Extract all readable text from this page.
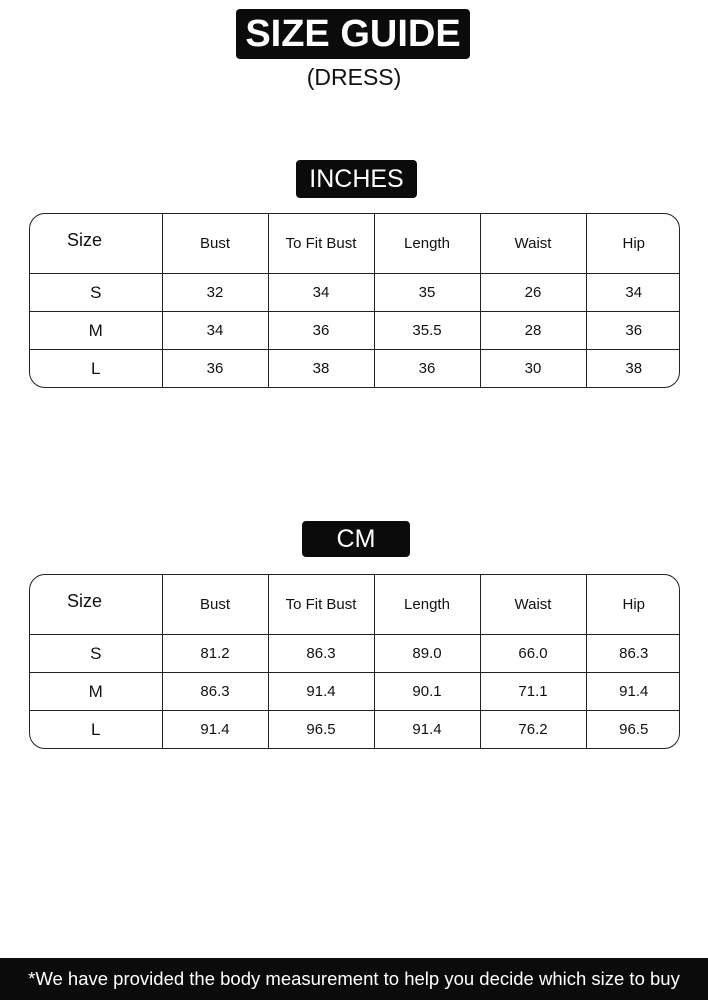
SIZE GUIDE
(DRESS)
INCHES
Size	Bust	To Fit Bust	Length	Waist	Hip
S	32	34	35	26	34
M	34	36	35.5	28	36
L	36	38	36	30	38
CM
Size	Bust	To Fit Bust	Length	Waist	Hip
S	81.2	86.3	89.0	66.0	86.3
M	86.3	91.4	90.1	71.1	91.4
L	91.4	96.5	91.4	76.2	96.5
*We have provided the body measurement to help you decide which size to buy
